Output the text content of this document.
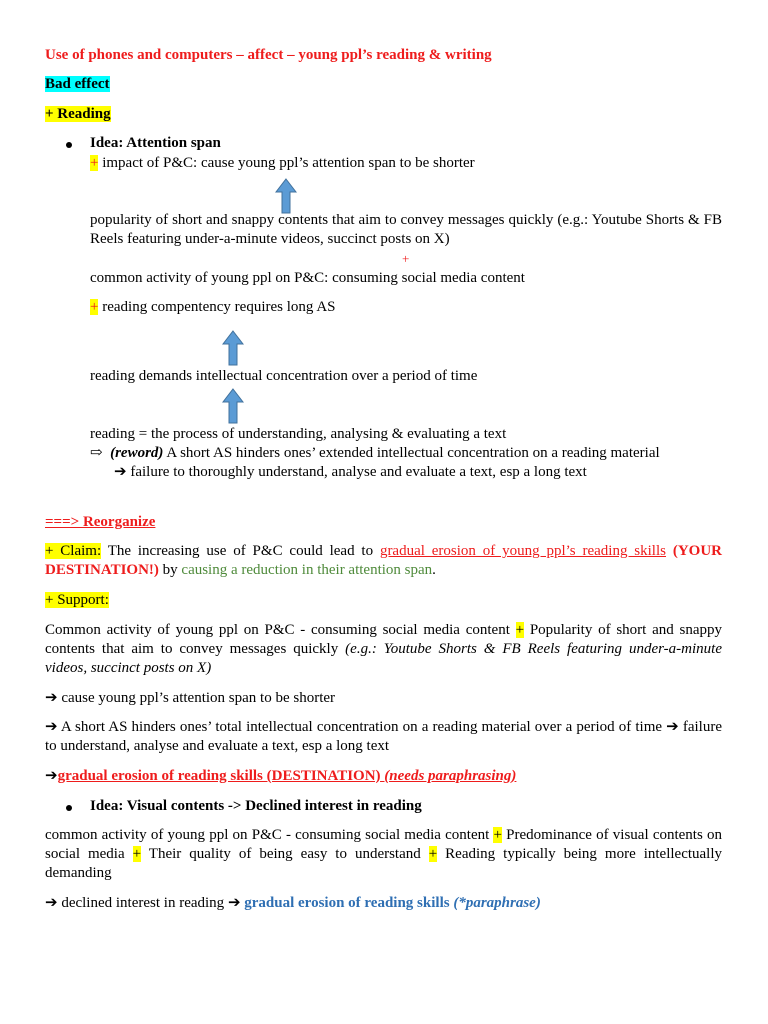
Use of phones and computers – affect – young ppl’s reading & writing
Bad effect
+ Reading
Idea: Attention span
+ impact of P&C: cause young ppl’s attention span to be shorter
popularity of short and snappy contents that aim to convey messages quickly (e.g.: Youtube Shorts & FB Reels featuring under-a-minute videos, succinct posts on X)
+
common activity of young ppl on P&C: consuming social media content
+ reading compentency requires long AS
reading demands intellectual concentration over a period of time
reading = the process of understanding, analysing & evaluating a text
⇨ (reword) A short AS hinders ones’ extended intellectual concentration on a reading material
➔ failure to thoroughly understand, analyse and evaluate a text, esp a long text
===> Reorganize
+ Claim: The increasing use of P&C could lead to gradual erosion of young ppl’s reading skills (YOUR DESTINATION!) by causing a reduction in their attention span.
+ Support:
Common activity of young ppl on P&C - consuming social media content + Popularity of short and snappy contents that aim to convey messages quickly (e.g.: Youtube Shorts & FB Reels featuring under-a-minute videos, succinct posts on X)
➔ cause young ppl’s attention span to be shorter
➔ A short AS hinders ones’ total intellectual concentration on a reading material over a period of time ➔ failure to understand, analyse and evaluate a text, esp a long text
➔gradual erosion of reading skills (DESTINATION) (needs paraphrasing)
Idea: Visual contents -> Declined interest in reading
common activity of young ppl on P&C - consuming social media content + Predominance of visual contents on social media + Their quality of being easy to understand + Reading typically being more intellectually demanding
➔ declined interest in reading ➔ gradual erosion of reading skills (*paraphrase)
